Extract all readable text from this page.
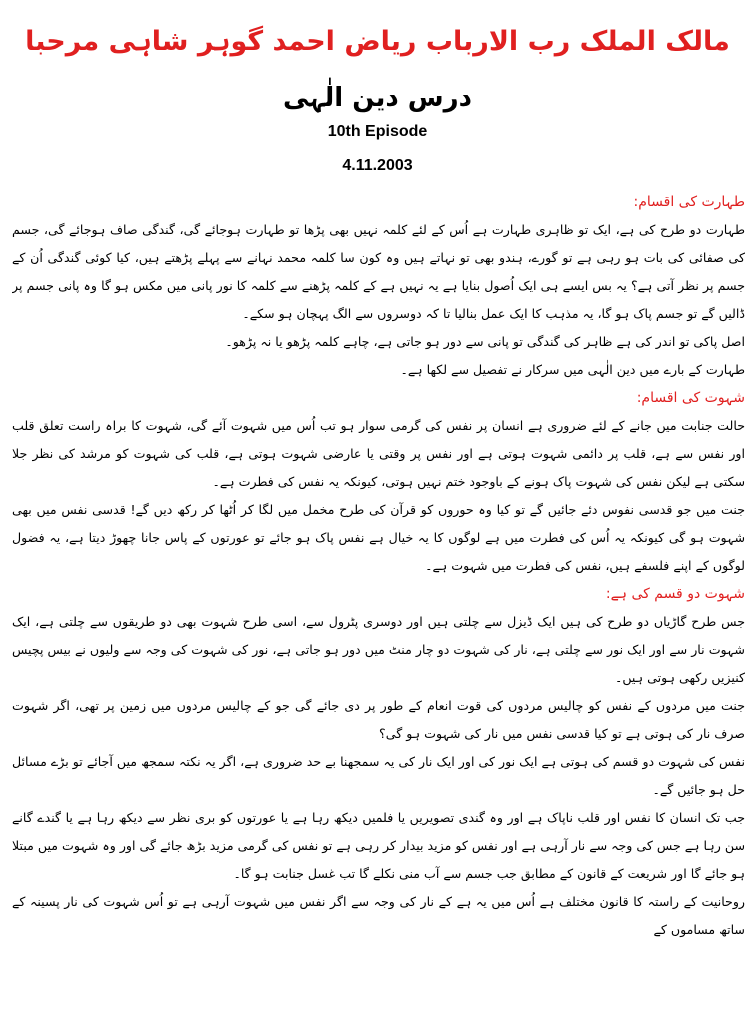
مالک الملک رب الارباب ریاض احمد گوہر شاہی مرحبا
درس دین الٰہی
10th Episode
4.11.2003

طہارت کی اقسام:

طہارت دو طرح کی ہے، ایک تو ظاہری طہارت ہے اُس کے لئے کلمہ نہیں بھی پڑھا تو طہارت ہوجائے گی، گندگی صاف ہوجائے گی، جسم کی صفائی کی بات ہو رہی ہے تو گورے، ہندو بھی تو نہاتے ہیں وہ کون سا کلمہ محمد نہانے سے پہلے پڑھتے ہیں، کیا کوئی گندگی اُن کے جسم پر نظر آتی ہے؟ یہ بس ایسے ہی ایک اُصول بنایا ہے یہ نہیں ہے کے کلمہ پڑھنے سے کلمہ کا نور پانی میں مکس ہو گا وہ پانی جسم پر ڈالیں گے تو جسم پاک ہو گا، یہ مذہب کا ایک عمل بنالیا تا کہ دوسروں سے الگ پہچان ہو سکے۔

اصل پاکی تو اندر کی ہے ظاہر کی گندگی تو پانی سے دور ہو جاتی ہے، چاہے کلمہ پڑھو یا نہ پڑھو۔

طہارت کے بارے میں دین الٰہی میں سرکار نے تفصیل سے لکھا ہے۔

شہوت کی اقسام:

حالت جنابت میں جانے کے لئے ضروری ہے انسان پر نفس کی گرمی سوار ہو تب اُس میں شہوت آئے گی، شہوت کا براہ راست تعلق قلب اور نفس سے ہے، قلب پر دائمی شہوت ہوتی ہے اور نفس پر وقتی یا عارضی شہوت ہوتی ہے، قلب کی شہوت کو مرشد کی نظر جلا سکتی ہے لیکن نفس کی شہوت پاک ہونے کے باوجود ختم نہیں ہوتی، کیونکہ یہ نفس کی فطرت ہے۔

جنت میں جو قدسی نفوس دئے جائیں گے تو کیا وہ حوروں کو قرآن کی طرح مخمل میں لگا کر اُٹھا کر رکھ دیں گے! قدسی نفس میں بھی شہوت ہو گی کیونکہ یہ اُس کی فطرت میں ہے لوگوں کا یہ خیال ہے نفس پاک ہو جائے تو عورتوں کے پاس جانا چھوڑ دیتا ہے، یہ فضول لوگوں کے اپنے فلسفے ہیں، نفس کی فطرت میں شہوت ہے۔

شہوت دو قسم کی ہے:

جس طرح گاڑیاں دو طرح کی ہیں ایک ڈیزل سے چلتی ہیں اور دوسری پٹرول سے، اسی طرح شہوت بھی دو طریقوں سے چلتی ہے، ایک شہوت نار سے اور ایک نور سے چلتی ہے، نار کی شہوت دو چار منٹ میں دور ہو جاتی ہے، نور کی شہوت کی وجہ سے ولیوں نے بیس پچیس کنیزیں رکھی ہوتی ہیں۔

جنت میں مردوں کے نفس کو چالیس مردوں کی قوت انعام کے طور پر دی جائے گی جو کے چالیس مردوں میں زمین پر تھی، اگر شہوت صرف نار کی ہوتی ہے تو کیا قدسی نفس میں نار کی شہوت ہو گی؟

نفس کی شہوت دو قسم کی ہوتی ہے ایک نور کی اور ایک نار کی یہ سمجھنا بے حد ضروری ہے، اگر یہ نکتہ سمجھ میں آجائے تو بڑے مسائل حل ہو جائیں گے۔

جب تک انسان کا نفس اور قلب ناپاک ہے اور وہ گندی تصویریں یا فلمیں دیکھ رہا ہے یا عورتوں کو بری نظر سے دیکھ رہا ہے یا گندے گانے سن رہا ہے جس کی وجہ سے نار آرہی ہے اور نفس کو مزید بیدار کر رہی ہے تو نفس کی گرمی مزید بڑھ جائے گی اور وہ شہوت میں مبتلا ہو جائے گا اور شریعت کے قانون کے مطابق جب جسم سے آب منی نکلے گا تب غسل جنابت ہو گا۔

روحانیت کے راستہ کا قانون مختلف ہے اُس میں یہ ہے کے نار کی وجہ سے اگر نفس میں شہوت آرہی ہے تو اُس شہوت کی نار پسینہ کے ساتھ مساموں کے
